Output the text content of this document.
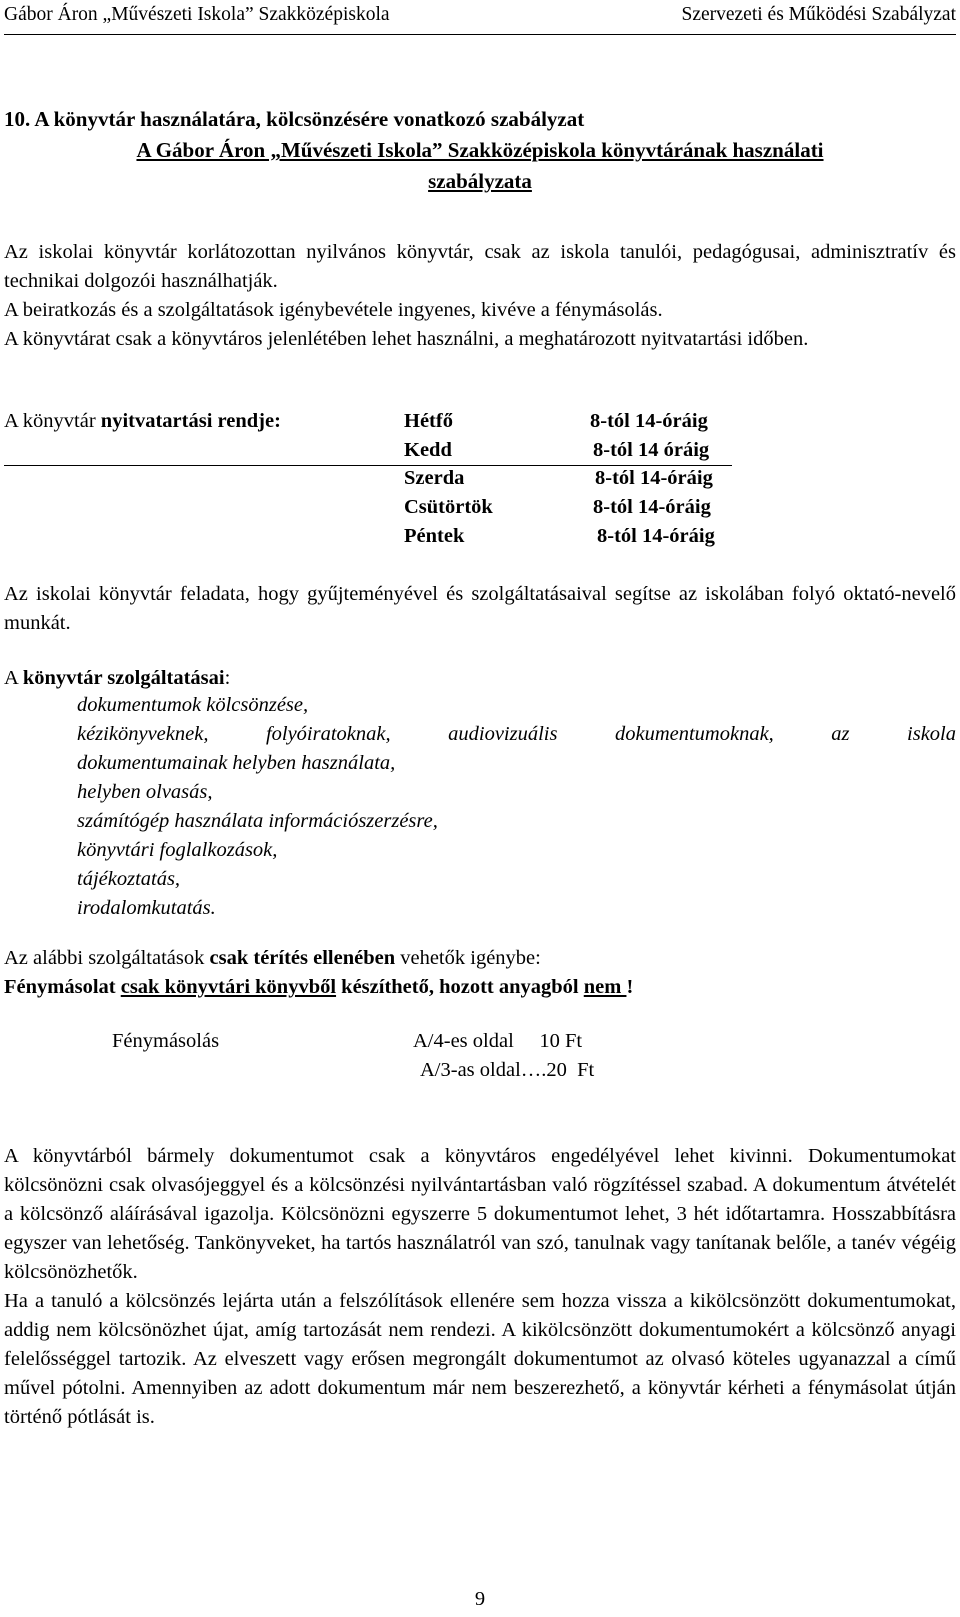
Gábor Áron „Művészeti Iskola” Szakközépiskola	Szervezeti és Működési Szabályzat
10. A könyvtár használatára, kölcsönzésére vonatkozó szabályzat
A Gábor Áron „Művészeti Iskola” Szakközépiskola könyvtárának használati
szabályzata

Az iskolai könyvtár korlátozottan nyilvános könyvtár, csak az iskola tanulói, pedagógusai, adminisztratív és technikai dolgozói használhatják.

A beiratkozás és a szolgáltatások igénybevétele ingyenes, kivéve a fénymásolás.

A könyvtárat csak a könyvtáros jelenlétében lehet használni, a meghatározott nyitvatartási időben.

A könyvtár nyitvatartási rendje:	Hétfő	8-tól 14-óráig
Kedd	8-tól 14 óráig
Szerda	8-tól 14-óráig
Csütörtök	8-tól 14-óráig
Péntek	8-tól 14-óráig

Az iskolai könyvtár feladata, hogy gyűjteményével és szolgáltatásaival segítse az iskolában folyó oktató-nevelő munkát.

A könyvtár szolgáltatásai:
dokumentumok kölcsönzése,
kézikönyveknek, folyóiratoknak, audiovizuális dokumentumoknak, az iskola
dokumentumainak helyben használata,
helyben olvasás,
számítógép használata információszerzésre,
könyvtári foglalkozások,
tájékoztatás,
irodalomkutatás.
Az alábbi szolgáltatások csak térítés ellenében vehetők igénybe:
Fénymásolat csak könyvtári könyvből készíthető, hozott anyagból nem !
Fénymásolás	A/4-es oldal     10 Ft
A/3-as oldal….20  Ft

A könyvtárból bármely dokumentumot csak a könyvtáros engedélyével lehet kivinni. Dokumentumokat kölcsönözni csak olvasójeggyel és a kölcsönzési nyilvántartásban való rögzítéssel szabad. A dokumentum átvételét a kölcsönző aláírásával igazolja. Kölcsönözni egyszerre 5 dokumentumot lehet, 3 hét időtartamra. Hosszabbításra egyszer van lehetőség. Tankönyveket, ha tartós használatról van szó, tanulnak vagy tanítanak belőle, a tanév végéig kölcsönözhetők.

Ha a tanuló a kölcsönzés lejárta után a felszólítások ellenére sem hozza vissza a kikölcsönzött dokumentumokat, addig nem kölcsönözhet újat, amíg tartozását nem rendezi. A kikölcsönzött dokumentumokért a kölcsönző anyagi felelősséggel tartozik. Az elveszett vagy erősen megrongált dokumentumot az olvasó köteles ugyanazzal a című művel pótolni. Amennyiben az adott dokumentum már nem beszerezhető, a könyvtár kérheti a fénymásolat útján történő pótlását is.

9
